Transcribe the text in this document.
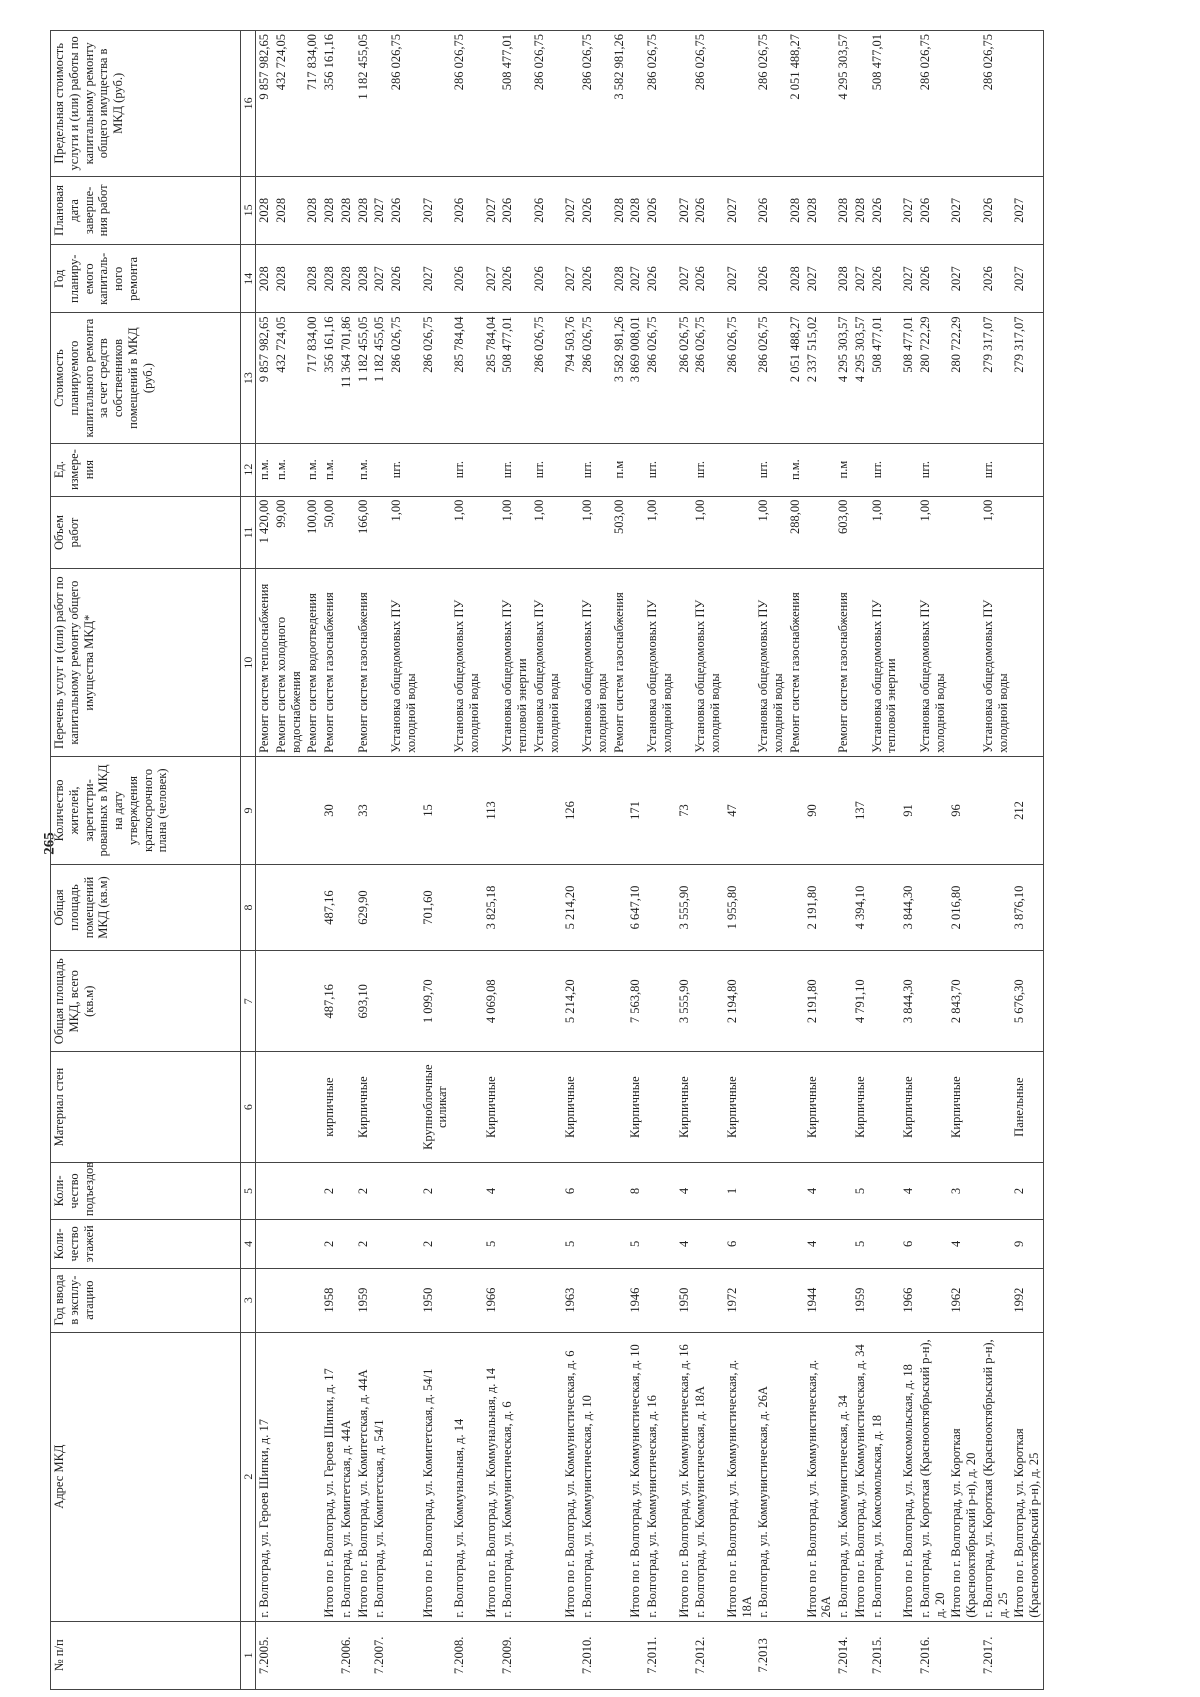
265
№ п/п	Адрес МКД	Год ввода в эксплу-атацию	Коли-чество этажей	Коли-чество подъездов	Материал стен	Общая площадь МКД, всего (кв.м)	Общая площадь помещений МКД (кв.м)	Количество жителей, зарегистри-рованных в МКД на дату утверждения краткосрочного плана (человек)	Перечень услуг и (или) работ по капитальному ремонту общего имущества МКД*	Объем работ	Ед. измере-ния	Стоимость планируемого капитального ремонта за счет средств собственников помещений в МКД (руб.)	Год планиру-емого капиталь-ного ремонта	Плановая дата заверше-ния работ	Предельная стоимость услуги и (или) работы по капитальному ремонту общего имущества в МКД (руб.)
1	2	3	4	5	6	7	8	9	10	11	12	13	14	15	16
7.2005.	г. Волгоград, ул. Героев Шипки, д. 17								Ремонт систем теплоснабжения	1 420,00	п.м.	9 857 982,65	2028	2028	9 857 982,65
									Ремонт систем холодного водоснабжения	99,00	п.м.	432 724,05	2028	2028	432 724,05
									Ремонт систем водоотведения	100,00	п.м.	717 834,00	2028	2028	717 834,00
	Итого по г. Волгоград, ул. Героев Шипки, д. 17	1958	2	2	кирпичные	487,16	487,16	30	Ремонт систем газоснабжения	50,00	п.м.	356 161,16	2028	2028	356 161,16
7.2006.	г. Волгоград, ул. Комитетская, д. 44А											11 364 701,86	2028	2028	
	Итого по г. Волгоград, ул. Комитетская, д. 44А	1959	2	2	Кирпичные	693,10	629,90	33	Ремонт систем газоснабжения	166,00	п.м.	1 182 455,05	2028	2028	1 182 455,05
7.2007.	г. Волгоград, ул. Комитетская, д. 54/1											1 182 455,05	2027	2027	
									Установка общедомовых ПУ холодной воды	1,00	шт.	286 026,75	2026	2026	286 026,75
	Итого по г. Волгоград, ул. Комитетская, д. 54/1	1950	2	2	Крупноблочные силикат	1 099,70	701,60	15				286 026,75	2027	2027	
7.2008.	г. Волгоград, ул. Коммунальная, д. 14								Установка общедомовых ПУ холодной воды	1,00	шт.	285 784,04	2026	2026	286 026,75
	Итого по г. Волгоград, ул. Коммунальная, д. 14	1966	5	4	Кирпичные	4 069,08	3 825,18	113				285 784,04	2027	2027	
7.2009.	г. Волгоград, ул. Коммунистическая, д. 6								Установка общедомовых ПУ тепловой энергии	1,00	шт.	508 477,01	2026	2026	508 477,01
									Установка общедомовых ПУ холодной воды	1,00	шт.	286 026,75	2026	2026	286 026,75
	Итого по г. Волгоград, ул. Коммунистическая, д. 6	1963	5	6	Кирпичные	5 214,20	5 214,20	126				794 503,76	2027	2027	
7.2010.	г. Волгоград, ул. Коммунистическая, д. 10								Установка общедомовых ПУ холодной воды	1,00	шт.	286 026,75	2026	2026	286 026,75
									Ремонт систем газоснабжения	503,00	п.м	3 582 981,26	2028	2028	3 582 981,26
	Итого по г. Волгоград, ул. Коммунистическая, д. 10	1946	5	8	Кирпичные	7 563,80	6 647,10	171				3 869 008,01	2027	2028	
7.2011.	г. Волгоград, ул. Коммунистическая, д. 16								Установка общедомовых ПУ холодной воды	1,00	шт.	286 026,75	2026	2026	286 026,75
	Итого по г. Волгоград, ул. Коммунистическая, д. 16	1950	4	4	Кирпичные	3 555,90	3 555,90	73				286 026,75	2027	2027	
7.2012.	г. Волгоград, ул. Коммунистическая, д. 18А								Установка общедомовых ПУ холодной воды	1,00	шт.	286 026,75	2026	2026	286 026,75
	Итого по г. Волгоград, ул. Коммунистическая, д. 18А	1972	6	1	Кирпичные	2 194,80	1 955,80	47				286 026,75	2027	2027	
7.2013	г. Волгоград, ул. Коммунистическая, д. 26А								Установка общедомовых ПУ холодной воды	1,00	шт.	286 026,75	2026	2026	286 026,75
									Ремонт систем газоснабжения	288,00	п.м.	2 051 488,27	2028	2028	2 051 488,27
	Итого по г. Волгоград, ул. Коммунистическая, д. 26А	1944	4	4	Кирпичные	2 191,80	2 191,80	90				2 337 515,02	2027	2028	
7.2014.	г. Волгоград, ул. Коммунистическая, д. 34								Ремонт систем газоснабжения	603,00	п.м	4 295 303,57	2028	2028	4 295 303,57
	Итого по г. Волгоград, ул. Коммунистическая, д. 34	1959	5	5	Кирпичные	4 791,10	4 394,10	137				4 295 303,57	2027	2028	
7.2015.	г. Волгоград, ул. Комсомольская, д. 18								Установка общедомовых ПУ тепловой энергии	1,00	шт.	508 477,01	2026	2026	508 477,01
	Итого по г. Волгоград, ул. Комсомольская, д. 18	1966	6	4	Кирпичные	3 844,30	3 844,30	91				508 477,01	2027	2027	
7.2016.	г. Волгоград, ул. Короткая (Краснооктябрьский р-н), д. 20								Установка общедомовых ПУ холодной воды	1,00	шт.	280 722,29	2026	2026	286 026,75
	Итого по г. Волгоград, ул. Короткая (Краснооктябрьский р-н), д. 20	1962	4	3	Кирпичные	2 843,70	2 016,80	96				280 722,29	2027	2027	
7.2017.	г. Волгоград, ул. Короткая (Краснооктябрьский р-н), д. 25								Установка общедомовых ПУ холодной воды	1,00	шт.	279 317,07	2026	2026	286 026,75
	Итого по г. Волгоград, ул. Короткая (Краснооктябрьский р-н), д. 25	1992	9	2	Панельные	5 676,30	3 876,10	212				279 317,07	2027	2027	
